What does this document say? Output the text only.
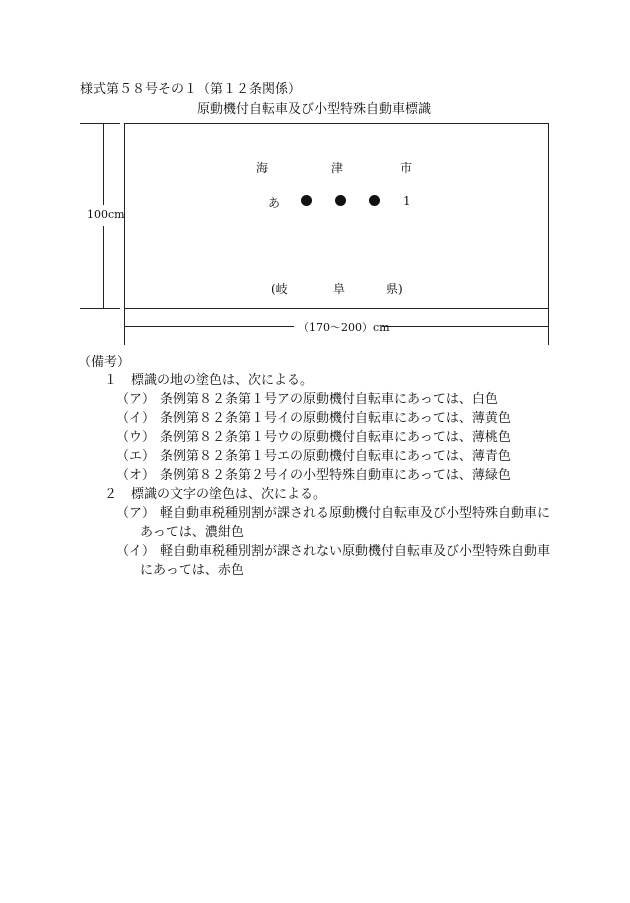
様式第５８号その１（第１２条関係）
原動機付自転車及び小型特殊自動車標識
100cm
海	津	市
あ	1
(岐	阜	県)
（170～200）cm
（備考）
１ 標識の地の塗色は、次による。
（ア） 条例第８２条第１号アの原動機付自転車にあっては、白色
（イ） 条例第８２条第１号イの原動機付自転車にあっては、薄黄色
（ウ） 条例第８２条第１号ウの原動機付自転車にあっては、薄桃色
（エ） 条例第８２条第１号エの原動機付自転車にあっては、薄青色
（オ） 条例第８２条第２号イの小型特殊自動車にあっては、薄緑色
２ 標識の文字の塗色は、次による。
（ア） 軽自動車税種別割が課される原動機付自転車及び小型特殊自動車に
あっては、濃紺色
（イ） 軽自動車税種別割が課されない原動機付自転車及び小型特殊自動車
にあっては、赤色
